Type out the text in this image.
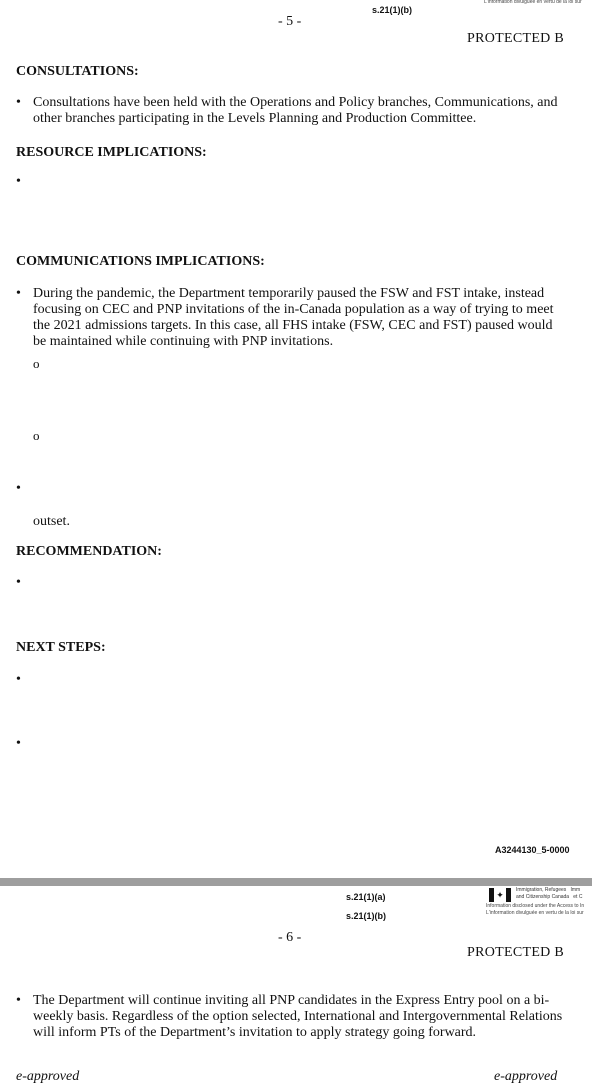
L'information divulguée en vertu de la loi sur
s.21(1)(b)
- 5 -
PROTECTED B
CONSULTATIONS:
• Consultations have been held with the Operations and Policy branches, Communications, and
other branches participating in the Levels Planning and Production Committee.
RESOURCE IMPLICATIONS:
•
COMMUNICATIONS IMPLICATIONS:
• During the pandemic, the Department temporarily paused the FSW and FST intake, instead
focusing on CEC and PNP invitations of the in-Canada population as a way of trying to meet
the 2021 admissions targets. In this case, all FHS intake (FSW, CEC and FST) paused would
be maintained while continuing with PNP invitations.
o
o
•
outset.
RECOMMENDATION:
•
NEXT STEPS:
•
•
A3244130_5-0000
s.21(1)(a)
s.21(1)(b)
✦	Immigration, Refugees Imm
and Citizenship Canada et C
Information disclosed under the Access to In
L'information divulguée en vertu de la loi sur
- 6 -
PROTECTED B
• The Department will continue inviting all PNP candidates in the Express Entry pool on a bi-
weekly basis. Regardless of the option selected, International and Intergovernmental Relations
will inform PTs of the Department’s invitation to apply strategy going forward.
e-approved	e-approved
